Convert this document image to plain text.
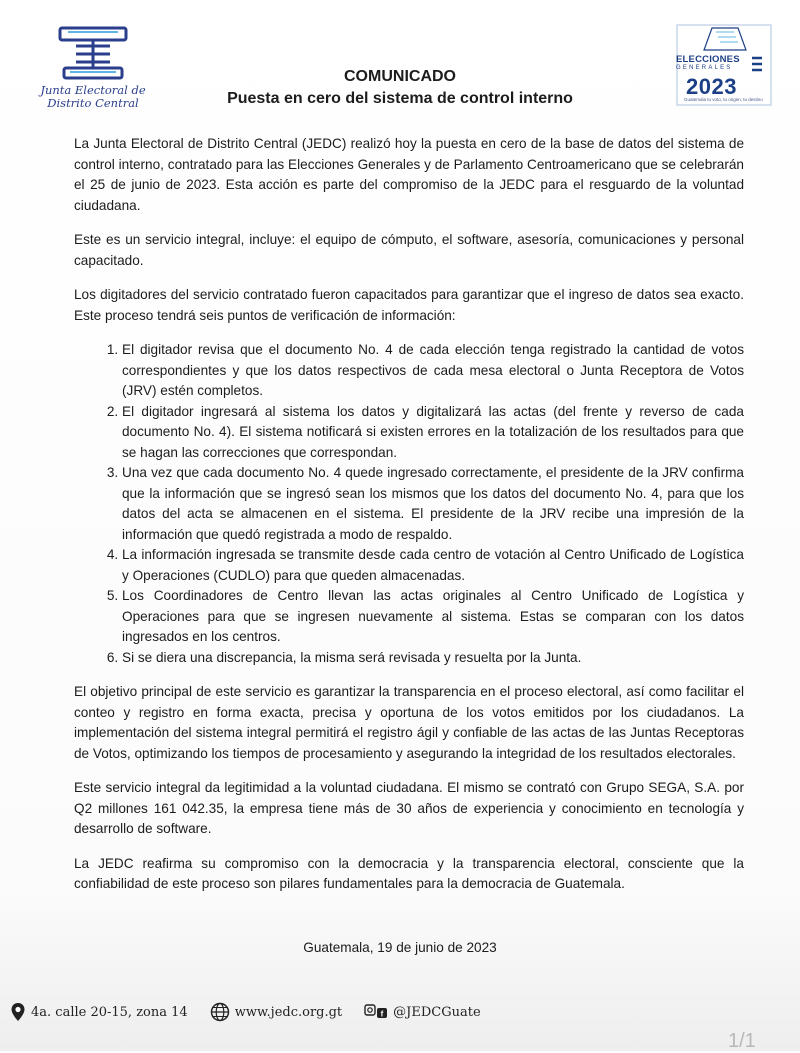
Junta Electoral de
Distrito Central
ELECCIONES
GENERALES
2023
Guatemala tu voto, tu origen, tu destino
COMUNICADO
Puesta en cero del sistema de control interno

La Junta Electoral de Distrito Central (JEDC) realizó hoy la puesta en cero de la base de datos del sistema de control interno, contratado para las Elecciones Generales y de Parlamento Centroamericano que se celebrarán el 25 de junio de 2023. Esta acción es parte del compromiso de la JEDC para el resguardo de la voluntad ciudadana.

Este es un servicio integral, incluye: el equipo de cómputo, el software, asesoría, comunicaciones y personal capacitado.

Los digitadores del servicio contratado fueron capacitados para garantizar que el ingreso de datos sea exacto. Este proceso tendrá seis puntos de verificación de información:

1. El digitador revisa que el documento No. 4 de cada elección tenga registrado la cantidad de votos correspondientes y que los datos respectivos de cada mesa electoral o Junta Receptora de Votos (JRV) estén completos.
2. El digitador ingresará al sistema los datos y digitalizará las actas (del frente y reverso de cada documento No. 4). El sistema notificará si existen errores en la totalización de los resultados para que se hagan las correcciones que correspondan.
3. Una vez que cada documento No. 4 quede ingresado correctamente, el presidente de la JRV confirma que la información que se ingresó sean los mismos que los datos del documento No. 4, para que los datos del acta se almacenen en el sistema. El presidente de la JRV recibe una impresión de la información que quedó registrada a modo de respaldo.
4. La información ingresada se transmite desde cada centro de votación al Centro Unificado de Logística y Operaciones (CUDLO) para que queden almacenadas.
5. Los Coordinadores de Centro llevan las actas originales al Centro Unificado de Logística y Operaciones para que se ingresen nuevamente al sistema. Estas se comparan con los datos ingresados en los centros.
6. Si se diera una discrepancia, la misma será revisada y resuelta por la Junta.

El objetivo principal de este servicio es garantizar la transparencia en el proceso electoral, así como facilitar el conteo y registro en forma exacta, precisa y oportuna de los votos emitidos por los ciudadanos. La implementación del sistema integral permitirá el registro ágil y confiable de las actas de las Juntas Receptoras de Votos, optimizando los tiempos de procesamiento y asegurando la integridad de los resultados electorales.

Este servicio integral da legitimidad a la voluntad ciudadana. El mismo se contrató con Grupo SEGA, S.A. por Q2 millones 161 042.35, la empresa tiene más de 30 años de experiencia y conocimiento en tecnología y desarrollo de software.

La JEDC reafirma su compromiso con la democracia y la transparencia electoral, consciente que la confiabilidad de este proceso son pilares fundamentales para la democracia de Guatemala.

Guatemala, 19 de junio de 2023
4a. calle 20-15, zona 14	www.jedc.org.gt	f @JEDCGuate
1/1
